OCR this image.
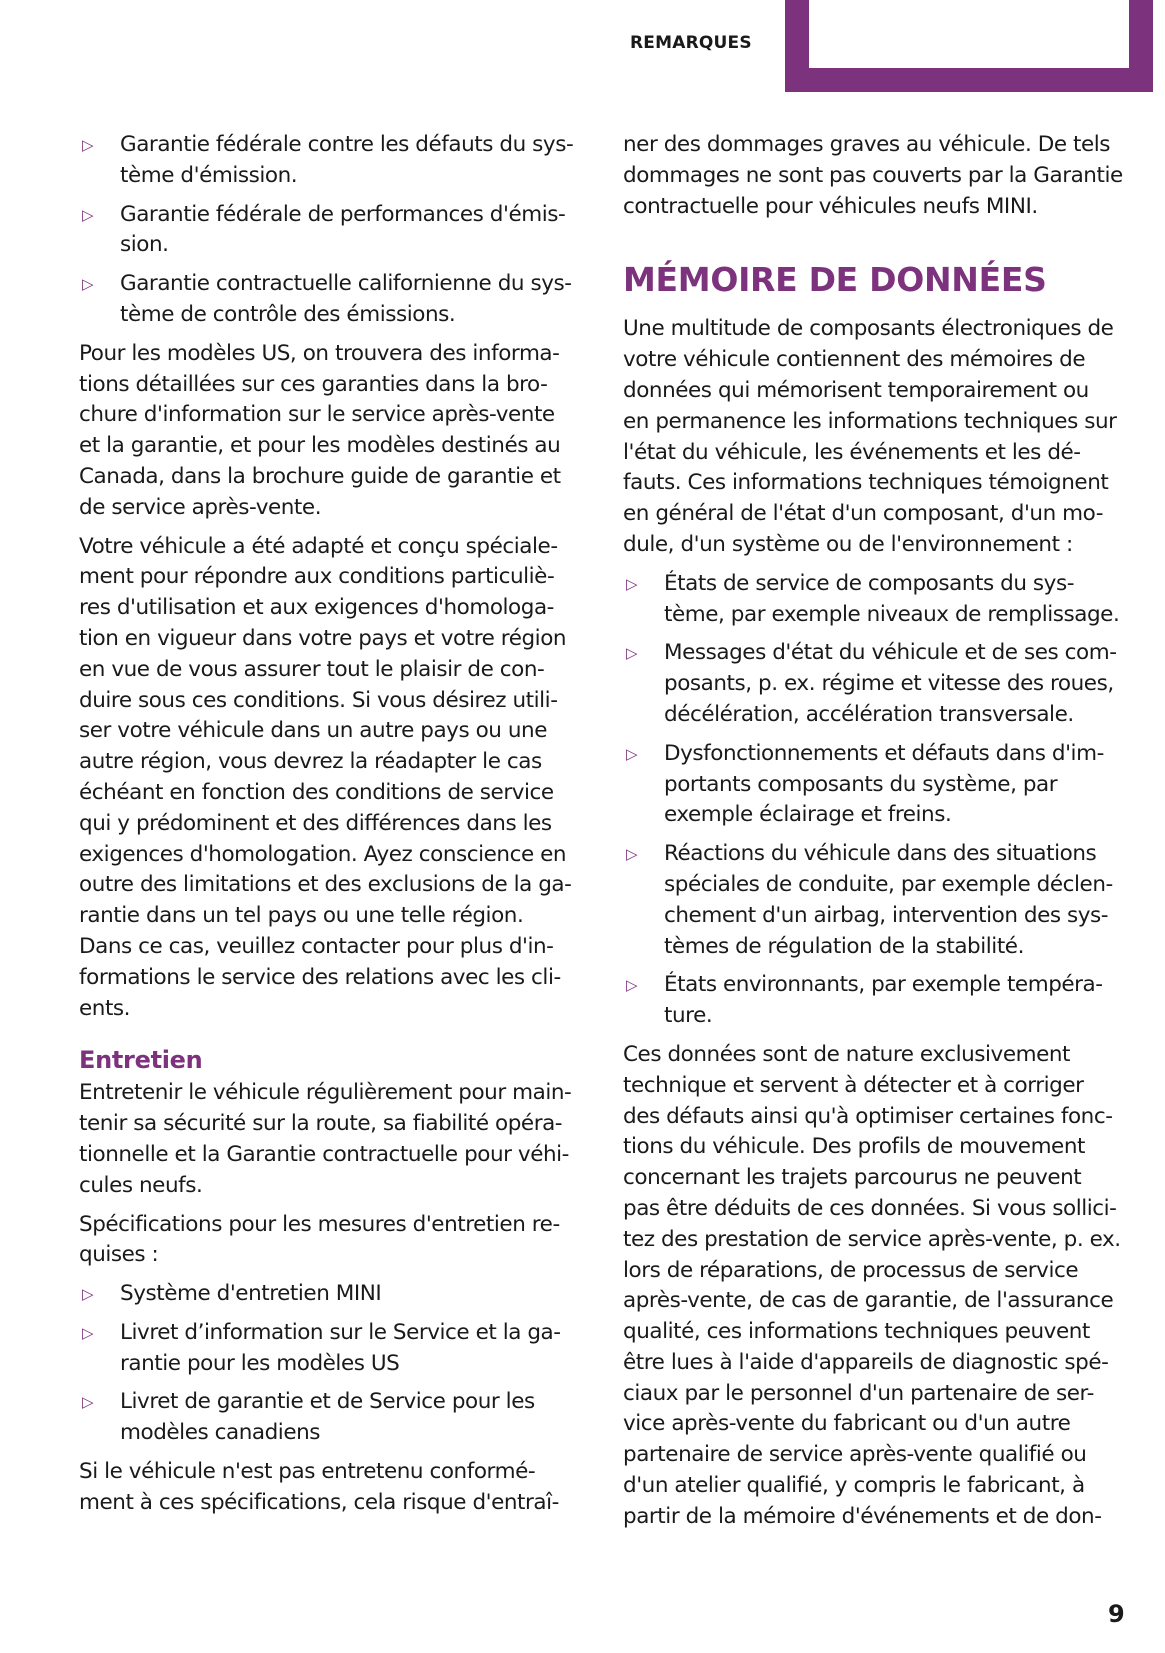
REMARQUES
▷ Garantie fédérale contre les défauts du sys-
tème d'émission.
▷ Garantie fédérale de performances d'émis-
sion.
▷ Garantie contractuelle californienne du sys-
tème de contrôle des émissions.

Pour les modèles US, on trouvera des informa-
tions détaillées sur ces garanties dans la bro-
chure d'information sur le service après-vente
et la garantie, et pour les modèles destinés au
Canada, dans la brochure guide de garantie et
de service après-vente.

Votre véhicule a été adapté et conçu spéciale-
ment pour répondre aux conditions particuliè-
res d'utilisation et aux exigences d'homologa-
tion en vigueur dans votre pays et votre région
en vue de vous assurer tout le plaisir de con-
duire sous ces conditions. Si vous désirez utili-
ser votre véhicule dans un autre pays ou une
autre région, vous devrez la réadapter le cas
échéant en fonction des conditions de service
qui y prédominent et des différences dans les
exigences d'homologation. Ayez conscience en
outre des limitations et des exclusions de la ga-
rantie dans un tel pays ou une telle région.
Dans ce cas, veuillez contacter pour plus d'in-
formations le service des relations avec les cli-
ents.

Entretien

Entretenir le véhicule régulièrement pour main-
tenir sa sécurité sur la route, sa fiabilité opéra-
tionnelle et la Garantie contractuelle pour véhi-
cules neufs.

Spécifications pour les mesures d'entretien re-
quises :

▷ Système d'entretien MINI
▷ Livret d’information sur le Service et la ga-
rantie pour les modèles US
▷ Livret de garantie et de Service pour les
modèles canadiens

Si le véhicule n'est pas entretenu conformé-
ment à ces spécifications, cela risque d'entraî-

ner des dommages graves au véhicule. De tels
dommages ne sont pas couverts par la Garantie
contractuelle pour véhicules neufs MINI.

MÉMOIRE DE DONNÉES

Une multitude de composants électroniques de
votre véhicule contiennent des mémoires de
données qui mémorisent temporairement ou
en permanence les informations techniques sur
l'état du véhicule, les événements et les dé-
fauts. Ces informations techniques témoignent
en général de l'état d'un composant, d'un mo-
dule, d'un système ou de l'environnement :

▷ États de service de composants du sys-
tème, par exemple niveaux de remplissage.
▷ Messages d'état du véhicule et de ses com-
posants, p. ex. régime et vitesse des roues,
décélération, accélération transversale.
▷ Dysfonctionnements et défauts dans d'im-
portants composants du système, par
exemple éclairage et freins.
▷ Réactions du véhicule dans des situations
spéciales de conduite, par exemple déclen-
chement d'un airbag, intervention des sys-
tèmes de régulation de la stabilité.
▷ États environnants, par exemple tempéra-
ture.

Ces données sont de nature exclusivement
technique et servent à détecter et à corriger
des défauts ainsi qu'à optimiser certaines fonc-
tions du véhicule. Des profils de mouvement
concernant les trajets parcourus ne peuvent
pas être déduits de ces données. Si vous sollici-
tez des prestation de service après-vente, p. ex.
lors de réparations, de processus de service
après-vente, de cas de garantie, de l'assurance
qualité, ces informations techniques peuvent
être lues à l'aide d'appareils de diagnostic spé-
ciaux par le personnel d'un partenaire de ser-
vice après-vente du fabricant ou d'un autre
partenaire de service après-vente qualifié ou
d'un atelier qualifié, y compris le fabricant, à
partir de la mémoire d'événements et de don-

9
